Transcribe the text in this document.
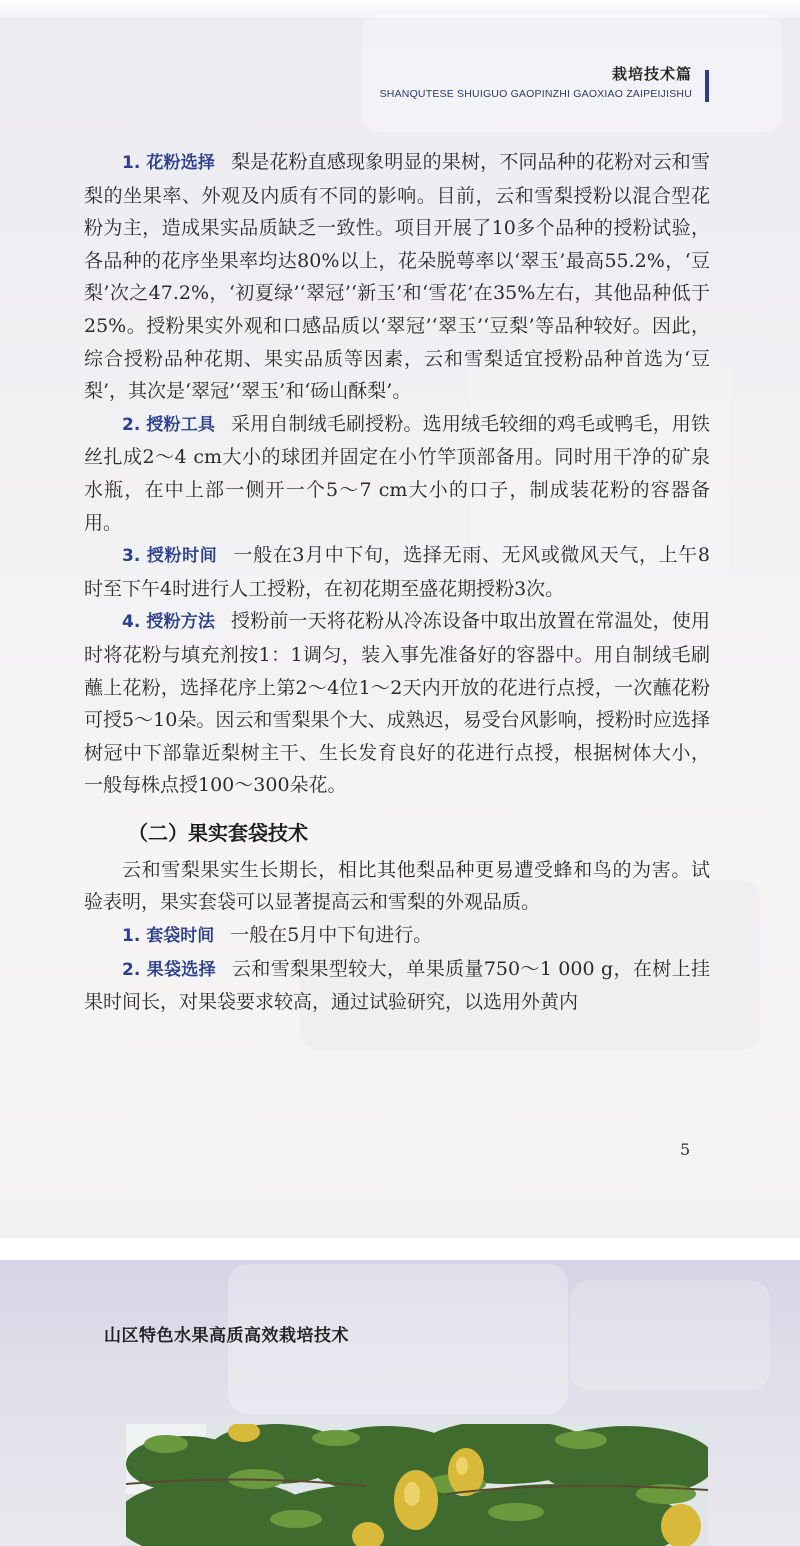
栽培技术篇
SHANQUTESE SHUIGUO GAOPINZHI GAOXIAO ZAIPEIJISHU

1. 花粉选择 梨是花粉直感现象明显的果树，不同品种的花粉对云和雪梨的坐果率、外观及内质有不同的影响。目前，云和雪梨授粉以混合型花粉为主，造成果实品质缺乏一致性。项目开展了10多个品种的授粉试验，各品种的花序坐果率均达80%以上，花朵脱萼率以‘翠玉’最高55.2%，‘豆梨’次之47.2%，‘初夏绿’‘翠冠’‘新玉’和‘雪花’在35%左右，其他品种低于25%。授粉果实外观和口感品质以‘翠冠’‘翠玉’‘豆梨’等品种较好。因此，综合授粉品种花期、果实品质等因素，云和雪梨适宜授粉品种首选为‘豆梨’，其次是‘翠冠’‘翠玉’和‘砀山酥梨’。

2. 授粉工具 采用自制绒毛刷授粉。选用绒毛较细的鸡毛或鸭毛，用铁丝扎成2～4 cm大小的球团并固定在小竹竿顶部备用。同时用干净的矿泉水瓶，在中上部一侧开一个5～7 cm大小的口子，制成装花粉的容器备用。

3. 授粉时间 一般在3月中下旬，选择无雨、无风或微风天气，上午8时至下午4时进行人工授粉，在初花期至盛花期授粉3次。

4. 授粉方法 授粉前一天将花粉从冷冻设备中取出放置在常温处，使用时将花粉与填充剂按1：1调匀，装入事先准备好的容器中。用自制绒毛刷蘸上花粉，选择花序上第2～4位1～2天内开放的花进行点授，一次蘸花粉可授5～10朵。因云和雪梨果个大、成熟迟，易受台风影响，授粉时应选择树冠中下部靠近梨树主干、生长发育良好的花进行点授，根据树体大小，一般每株点授100～300朵花。

（二）果实套袋技术

云和雪梨果实生长期长，相比其他梨品种更易遭受蜂和鸟的为害。试验表明，果实套袋可以显著提高云和雪梨的外观品质。

1. 套袋时间 一般在5月中下旬进行。

2. 果袋选择 云和雪梨果型较大，单果质量750～1 000 g，在树上挂果时间长，对果袋要求较高，通过试验研究，以选用外黄内

5
山区特色水果高质高效栽培技术
